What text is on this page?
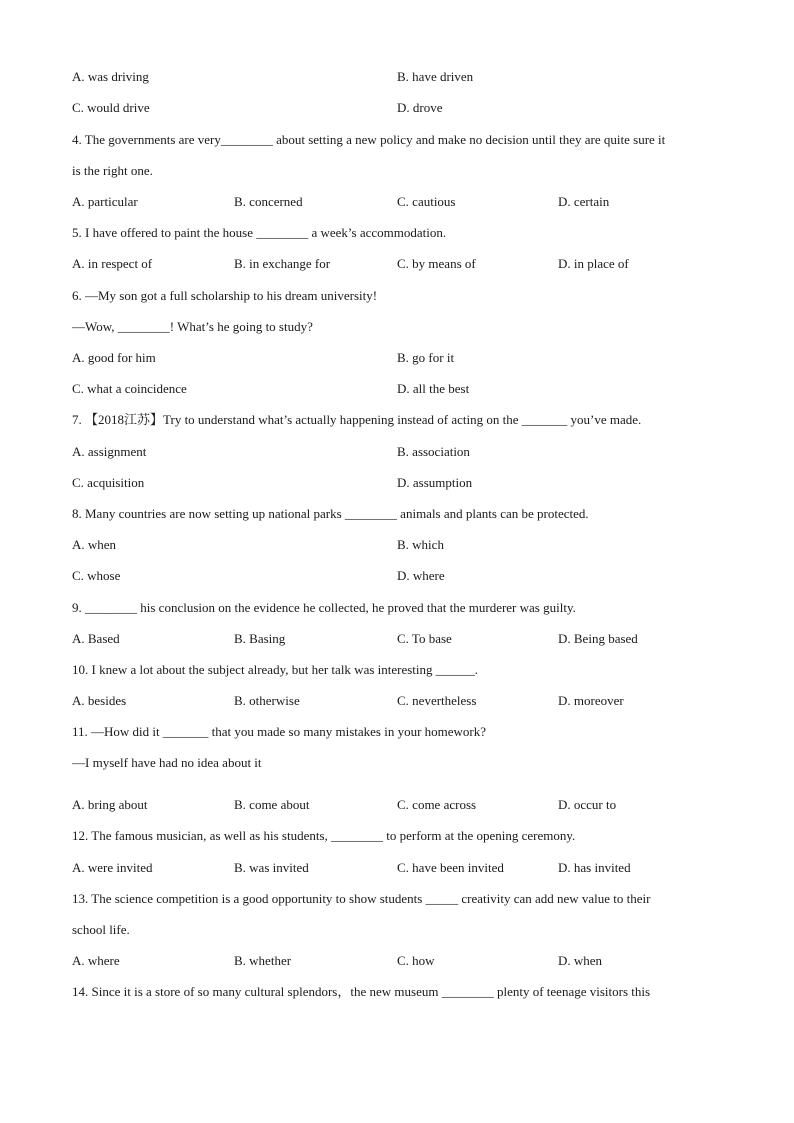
A. was driving	B. have driven
C. would drive	D. drove
4. The governments are very________ about setting a new policy and make no decision until they are quite sure it
is the right one.
A. particular	B. concerned	C. cautious	D. certain
5. I have offered to paint the house ________ a week’s accommodation.
A. in respect of	B. in exchange for	C. by means of	D. in place of
6. —My son got a full scholarship to his dream university!
—Wow, ________! What’s he going to study?
A. good for him	B. go for it
C. what a coincidence	D. all the best
7. 【2018江苏】Try to understand what’s actually happening instead of acting on the _______ you’ve made.
A. assignment	B. association
C. acquisition	D. assumption
8. Many countries are now setting up national parks ________ animals and plants can be protected.
A. when	B. which
C. whose	D. where
9. ________ his conclusion on the evidence he collected, he proved that the murderer was guilty.
A. Based	B. Basing	C. To base	D. Being based
10. I knew a lot about the subject already, but her talk was interesting ______.
A. besides	B. otherwise	C. nevertheless	D. moreover
11. —How did it _______ that you made so many mistakes in your homework?
—I myself have had no idea about it
A. bring about	B. come about	C. come across	D. occur to
12. The famous musician, as well as his students, ________ to perform at the opening ceremony.
A. were invited	B. was invited	C. have been invited	D. has invited
13. The science competition is a good opportunity to show students _____ creativity can add new value to their
school life.
A. where	B. whether	C. how	D. when
14. Since it is a store of so many cultural splendors，the new museum ________ plenty of teenage visitors this
